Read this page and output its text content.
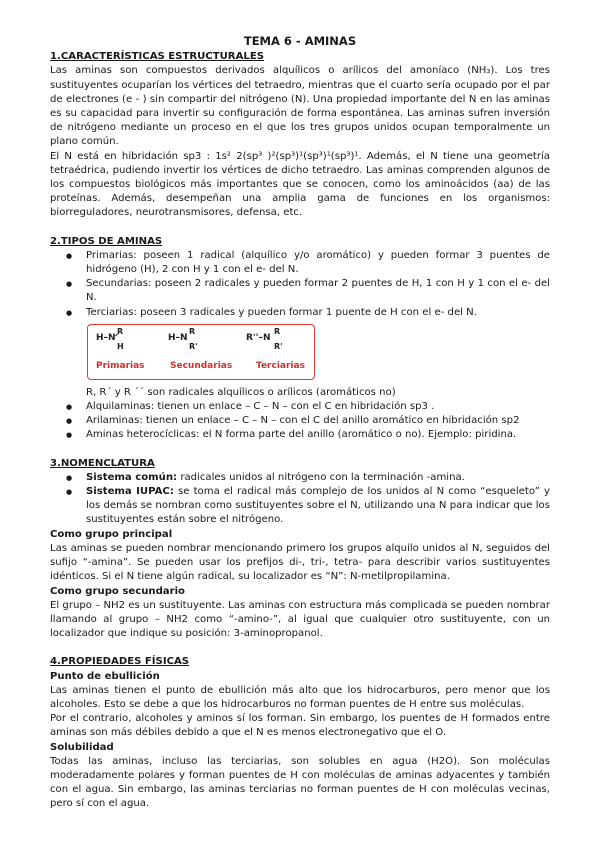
TEMA 6 - AMINAS
1.CARACTERÍSTICAS ESTRUCTURALES

Las aminas son compuestos derivados alquílicos o arílicos del amoníaco (NH₃). Los tres sustituyentes ocuparían los vértices del tetraedro, mientras que el cuarto sería ocupado por el par de electrones (e - ) sin compartir del nitrógeno (N). Una propiedad importante del N en las aminas es su capacidad para invertir su configuración de forma espontánea. Las aminas sufren inversión de nitrógeno mediante un proceso en el que los tres grupos unidos ocupan temporalmente un plano común.

El N está en hibridación sp3 : 1s² 2(sp³ )²(sp³)¹(sp³)¹(sp³)¹. Además, el N tiene una geometría tetraédrica, pudiendo invertir los vértices de dicho tetraedro. Las aminas comprenden algunos de los compuestos biológicos más importantes que se conocen, como los aminoácidos (aa) de las proteínas. Además, desempeñan una amplia gama de funciones en los organismos: biorreguladores, neurotransmisores, defensa, etc.

2.TIPOS DE AMINAS
● Primarias: poseen 1 radical (alquílico y/o aromático) y pueden formar 3 puentes de hidrógeno (H), 2 con H y 1 con el e- del N.
● Secundarias: poseen 2 radicales y pueden formar 2 puentes de H, 1 con H y 1 con el e- del N.
● Terciarias: poseen 3 radicales y pueden formar 1 puente de H con el e- del N.
H–N
R
H
H–N
R
R'
R''–N
R
R'
Primarias	Secundarias	Terciarias

R, R´ y R ´´ son radicales alquílicos o arílicos (aromáticos no)

● Alquilaminas: tienen un enlace – C – N – con el C en hibridación sp3 .
● Arilaminas: tienen un enlace – C – N – con el C del anillo aromático en hibridación sp2
● Aminas heterocíclicas: el N forma parte del anillo (aromático o no). Ejemplo: piridina.
3.NOMENCLATURA
● Sistema común: radicales unidos al nitrógeno con la terminación -amina.
● Sistema IUPAC: se toma el radical más complejo de los unidos al N como “esqueleto” y los demás se nombran como sustituyentes sobre el N, utilizando una N para indicar que los sustituyentes están sobre el nitrógeno.
Como grupo principal

Las aminas se pueden nombrar mencionando primero los grupos alquilo unidos al N, seguidos del sufijo “-amina”. Se pueden usar los prefijos di-, tri-, tetra- para describir varios sustituyentes idénticos. Si el N tiene algún radical, su localizador es “N”: N-metilpropilamina.

Como grupo secundario

El grupo – NH2 es un sustituyente. Las aminas con estructura más complicada se pueden nombrar llamando al grupo – NH2 como “-amino-”, al igual que cualquier otro sustituyente, con un localizador que indique su posición: 3-aminopropanol.

4.PROPIEDADES FÍSICAS
Punto de ebullición

Las aminas tienen el punto de ebullición más alto que los hidrocarburos, pero menor que los alcoholes. Esto se debe a que los hidrocarburos no forman puentes de H entre sus moléculas.

Por el contrario, alcoholes y aminos sí los forman. Sin embargo, los puentes de H formados entre aminas son más débiles debido a que el N es menos electronegativo que el O.

Solubilidad

Todas las aminas, incluso las terciarias, son solubles en agua (H2O). Son moléculas moderadamente polares y forman puentes de H con moléculas de aminas adyacentes y también con el agua. Sin embargo, las aminas terciarias no forman puentes de H con moléculas vecinas, pero sí con el agua.
